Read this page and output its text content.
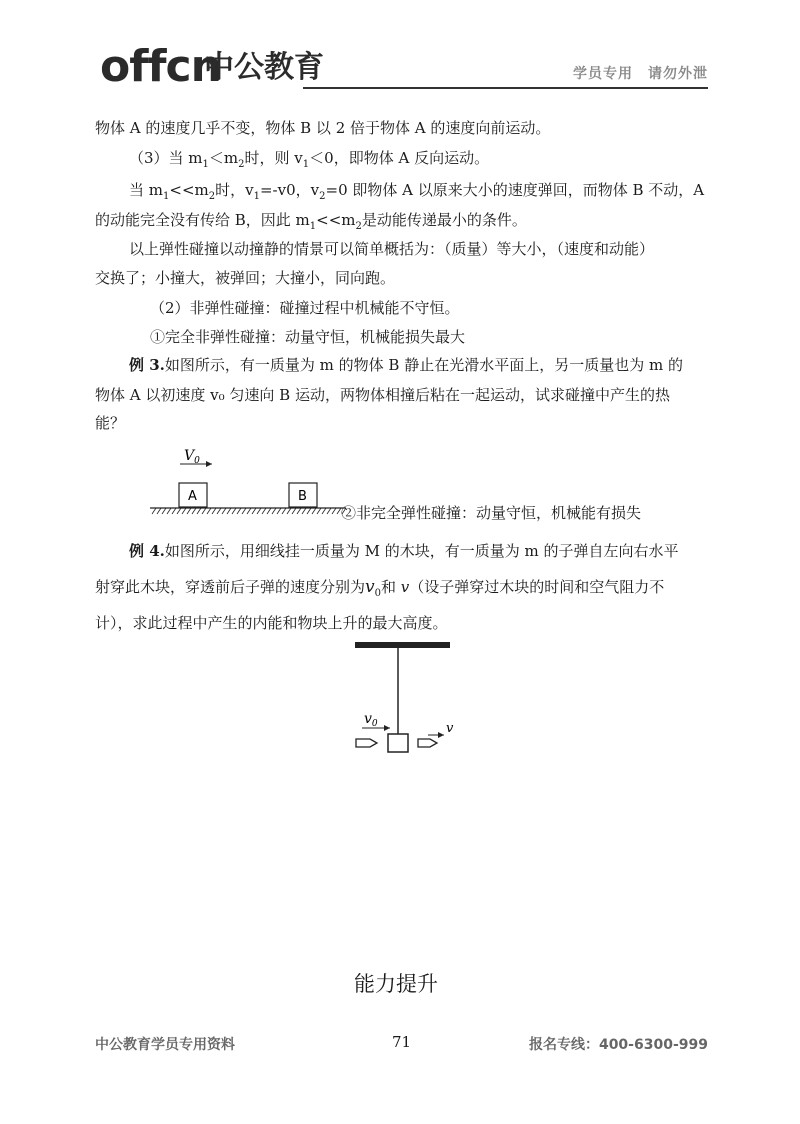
offcn
中公教育	学员专用　请勿外泄
物体 A 的速度几乎不变，物体 B 以 2 倍于物体 A 的速度向前运动。
（3）当 $m_1<m_2$时，则 $v_1<0$，即物体 A 反向运动。
当 $m_1<<m_2$时，$v_1=-v0$，$v_2=0$ 即物体 A 以原来大小的速度弹回，而物体 B 不动，A
的动能完全没有传给 B，因此 $m_1<<m_2$是动能传递最小的条件。
以上弹性碰撞以动撞静的情景可以简单概括为：（质量）等大小，（速度和动能）
交换了；小撞大，被弹回；大撞小，同向跑。
（2）非弹性碰撞：碰撞过程中机械能不守恒。
①完全非弹性碰撞：动量守恒，机械能损失最大
例 3.如图所示，有一质量为 m 的物体 B 静止在光滑水平面上，另一质量也为 m 的
物体 A 以初速度 v₀ 匀速向 B 运动，两物体相撞后粘在一起运动，试求碰撞中产生的热
能？
$V_0$
A	B
②非完全弹性碰撞：动量守恒，机械能有损失
例 4.如图所示，用细线挂一质量为 M 的木块，有一质量为 m 的子弹自左向右水平
射穿此木块，穿透前后子弹的速度分别为$v_0$和 v（设子弹穿过木块的时间和空气阻力不
计），求此过程中产生的内能和物块上升的最大高度。
$v_0$	v
能力提升
中公教育学员专用资料	71	报名专线：400-6300-999
